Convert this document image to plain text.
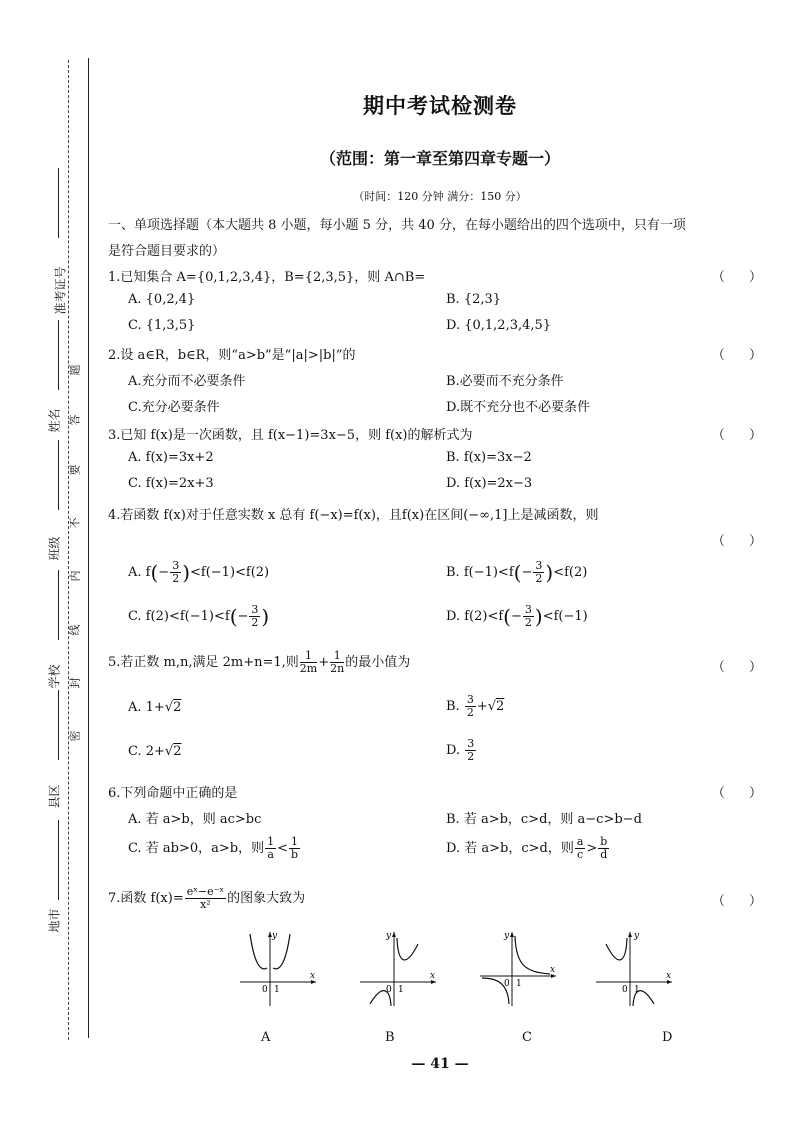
准考证号
姓名
班级
学校
县区
地市
题
答
要
不
内
线
封
密
期中考试检测卷
（范围：第一章至第四章专题一）
（时间：120 分钟 满分：150 分）
一、单项选择题（本大题共 8 小题，每小题 5 分，共 40 分，在每小题给出的四个选项中，只有一项
是符合题目要求的）
1.已知集合 A={0,1,2,3,4}，B={2,3,5}，则 A∩B=	（ ）
A. {0,2,4}	B. {2,3}
C. {1,3,5}	D. {0,1,2,3,4,5}
2.设 a∈R，b∈R，则“a>b”是“|a|>|b|”的	（ ）
A.充分而不必要条件	B.必要而不充分条件
C.充分必要条件	D.既不充分也不必要条件
3.已知 f(x)是一次函数，且 f(x−1)=3x−5，则 f(x)的解析式为	（ ）
A. f(x)=3x+2	B. f(x)=3x−2
C. f(x)=2x+3	D. f(x)=2x−3
4.若函数 f(x)对于任意实数 x 总有 f(−x)=f(x)，且f(x)在区间(−∞,1]上是减函数，则
（ ）
A. $f(- \frac{3}{2} )<f(-1)<f(2)$	B. $f(-1)<f(- \frac{3}{2} )<f(2)$
C. $f(2)<f(-1)<f(- \frac{3}{2}$ )	D. $f(2)<f(- \frac{3}{2} )<f(-1)$
5.若正数 m,n,满足 2m+n=1,则 $\frac{1}{2m} + \frac{1}{2n}$ 的最小值为	（ ）
A. 1+√2	B. $\frac{3}{2} +√2$
C. 2+√2	D. $\frac{3}{2}$
6.下列命题中正确的是	（ ）
A. 若 a>b，则 ac>bc	B. 若 a>b，c>d，则 a−c>b−d
C. 若 ab>0，a>b，则 $\frac{1}{a} < \frac{1}{b}$	D. 若 a>b，c>d，则 $\frac{a}{c} > \frac{b}{d}$
7.函数 $f(x)= \frac{\text{eˣ−e⁻ˣ}}{\text{x²}}$ 的图象大致为	（ ）
y
x
0 1
y
x
0 1
y
x
0 1
y
x
0 1
A	B	C	D
— 41 —
